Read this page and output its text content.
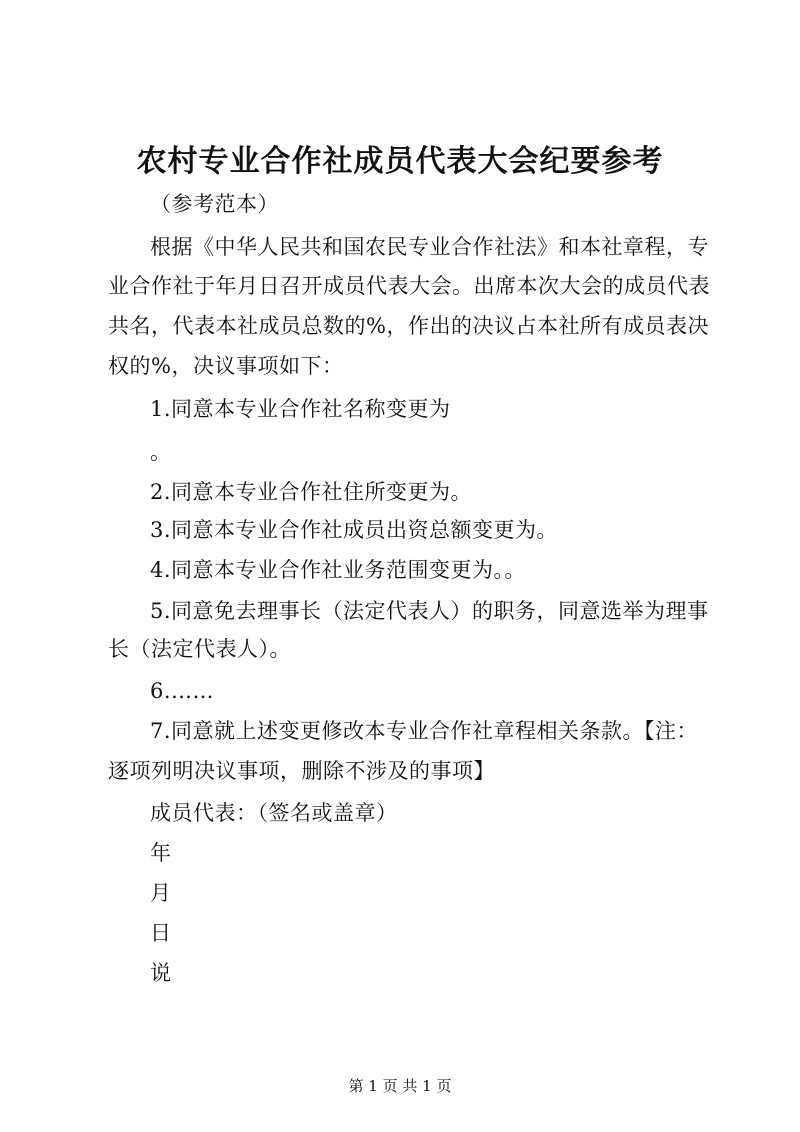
农村专业合作社成员代表大会纪要参考
（参考范本）
根据《中华人民共和国农民专业合作社法》和本社章程，专
业合作社于年月日召开成员代表大会。出席本次大会的成员代表
共名，代表本社成员总数的%，作出的决议占本社所有成员表决
权的%，决议事项如下：
1.同意本专业合作社名称变更为
。
2.同意本专业合作社住所变更为。
3.同意本专业合作社成员出资总额变更为。
4.同意本专业合作社业务范围变更为。。
5.同意免去理事长（法定代表人）的职务，同意选举为理事
长（法定代表人）。
6.……
7.同意就上述变更修改本专业合作社章程相关条款。【注：
逐项列明决议事项，删除不涉及的事项】
成员代表：（签名或盖章）
年
月
日
说
第 1 页 共 1 页
